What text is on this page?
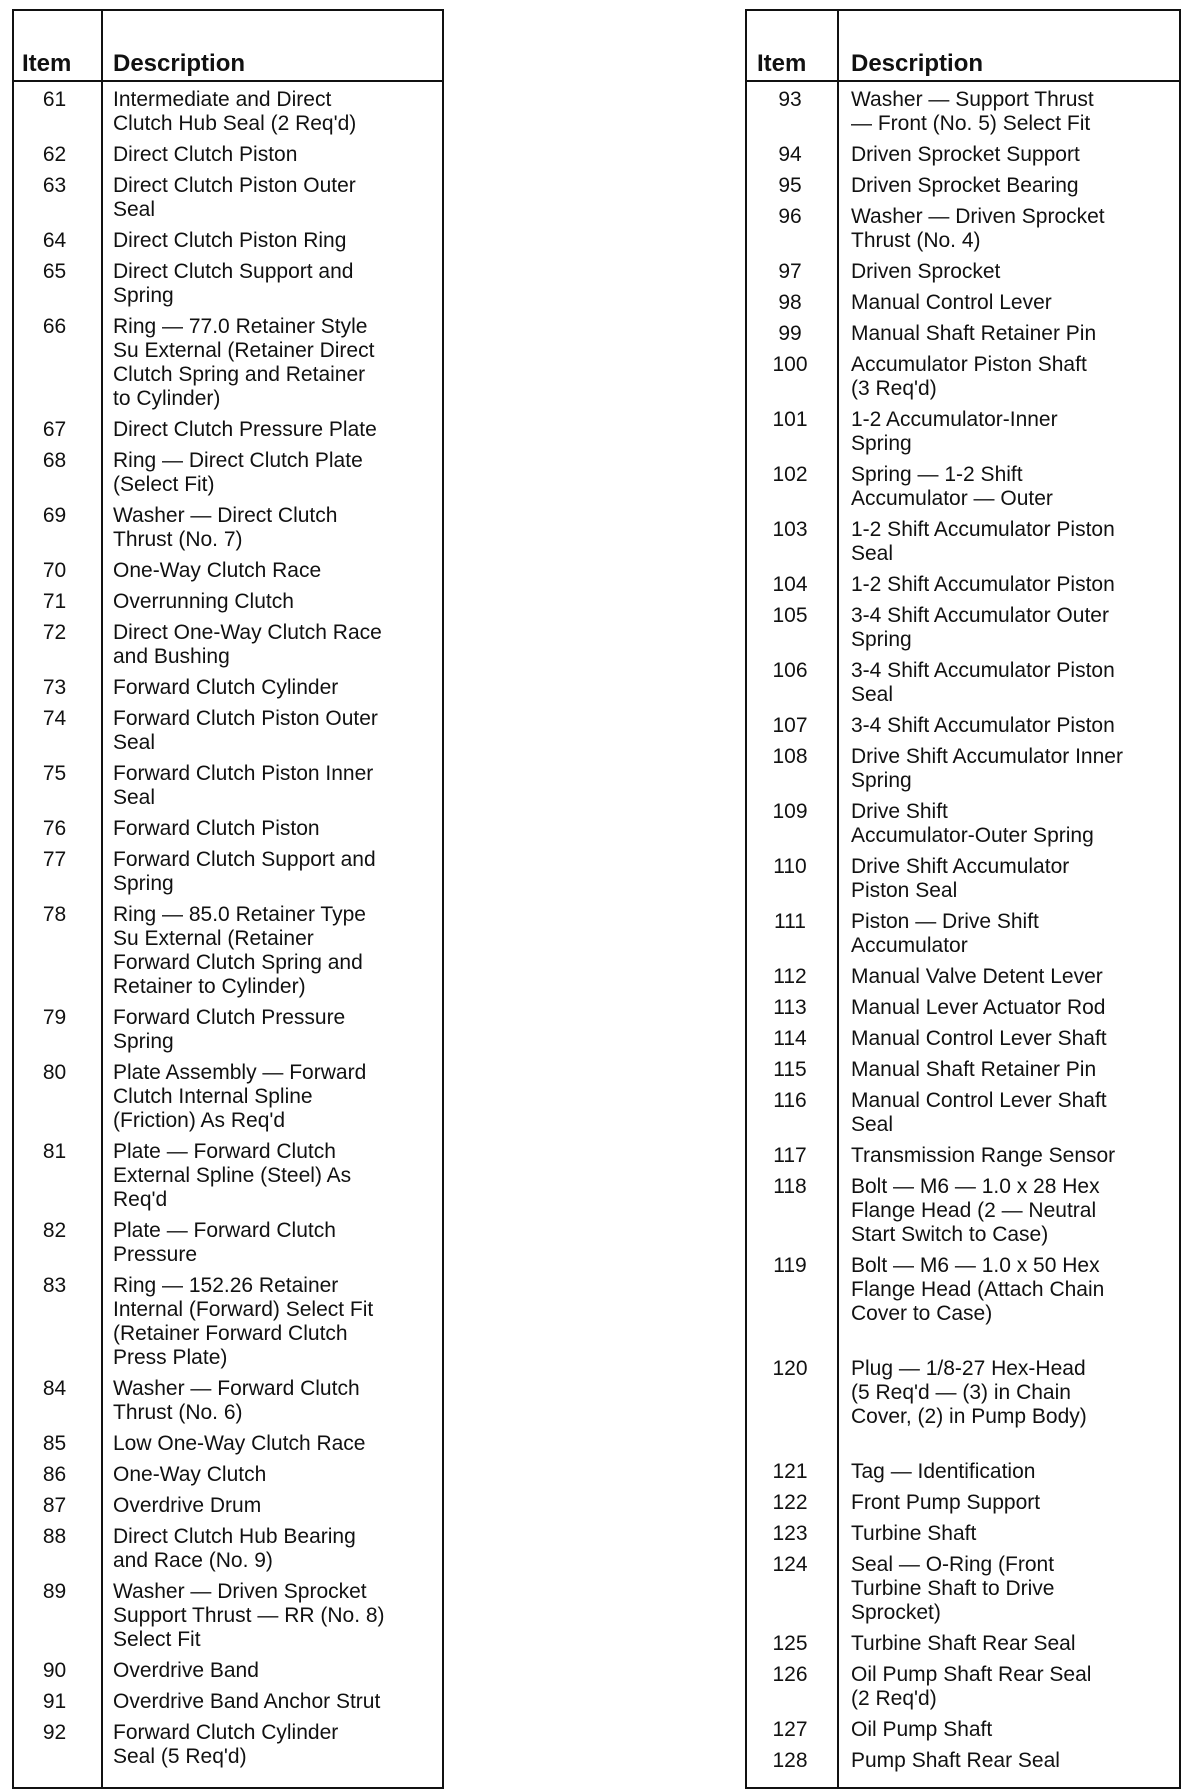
Item Description
61	Intermediate and Direct
Clutch Hub Seal (2 Req'd)
62	Direct Clutch Piston
63	Direct Clutch Piston Outer
Seal
64	Direct Clutch Piston Ring
65	Direct Clutch Support and
Spring
66	Ring — 77.0 Retainer Style
Su External (Retainer Direct
Clutch Spring and Retainer
to Cylinder)
67	Direct Clutch Pressure Plate
68	Ring — Direct Clutch Plate
(Select Fit)
69	Washer — Direct Clutch
Thrust (No. 7)
70	One-Way Clutch Race
71	Overrunning Clutch
72	Direct One-Way Clutch Race
and Bushing
73	Forward Clutch Cylinder
74	Forward Clutch Piston Outer
Seal
75	Forward Clutch Piston Inner
Seal
76	Forward Clutch Piston
77	Forward Clutch Support and
Spring
78	Ring — 85.0 Retainer Type
Su External (Retainer
Forward Clutch Spring and
Retainer to Cylinder)
79	Forward Clutch Pressure
Spring
80	Plate Assembly — Forward
Clutch Internal Spline
(Friction) As Req'd
81	Plate — Forward Clutch
External Spline (Steel) As
Req'd
82	Plate — Forward Clutch
Pressure
83	Ring — 152.26 Retainer
Internal (Forward) Select Fit
(Retainer Forward Clutch
Press Plate)
84	Washer — Forward Clutch
Thrust (No. 6)
85	Low One-Way Clutch Race
86	One-Way Clutch
87	Overdrive Drum
88	Direct Clutch Hub Bearing
and Race (No. 9)
89	Washer — Driven Sprocket
Support Thrust — RR (No. 8)
Select Fit
90	Overdrive Band
91	Overdrive Band Anchor Strut
92	Forward Clutch Cylinder
Seal (5 Req'd)
Item Description
93	Washer — Support Thrust
— Front (No. 5) Select Fit
94	Driven Sprocket Support
95	Driven Sprocket Bearing
96	Washer — Driven Sprocket
Thrust (No. 4)
97	Driven Sprocket
98	Manual Control Lever
99	Manual Shaft Retainer Pin
100	Accumulator Piston Shaft
(3 Req'd)
101	1-2 Accumulator-Inner
Spring
102	Spring — 1-2 Shift
Accumulator — Outer
103	1-2 Shift Accumulator Piston
Seal
104	1-2 Shift Accumulator Piston
105	3-4 Shift Accumulator Outer
Spring
106	3-4 Shift Accumulator Piston
Seal
107	3-4 Shift Accumulator Piston
108	Drive Shift Accumulator Inner
Spring
109	Drive Shift
Accumulator-Outer Spring
110	Drive Shift Accumulator
Piston Seal
111	Piston — Drive Shift
Accumulator
112	Manual Valve Detent Lever
113	Manual Lever Actuator Rod
114	Manual Control Lever Shaft
115	Manual Shaft Retainer Pin
116	Manual Control Lever Shaft
Seal
117	Transmission Range Sensor
118	Bolt — M6 — 1.0 x 28 Hex
Flange Head (2 — Neutral
Start Switch to Case)
119	Bolt — M6 — 1.0 x 50 Hex
Flange Head (Attach Chain
Cover to Case)
120	Plug — 1/8-27 Hex-Head
(5 Req'd — (3) in Chain
Cover, (2) in Pump Body)
121	Tag — Identification
122	Front Pump Support
123	Turbine Shaft
124	Seal — O-Ring (Front
Turbine Shaft to Drive
Sprocket)
125	Turbine Shaft Rear Seal
126	Oil Pump Shaft Rear Seal
(2 Req'd)
127	Oil Pump Shaft
128	Pump Shaft Rear Seal
